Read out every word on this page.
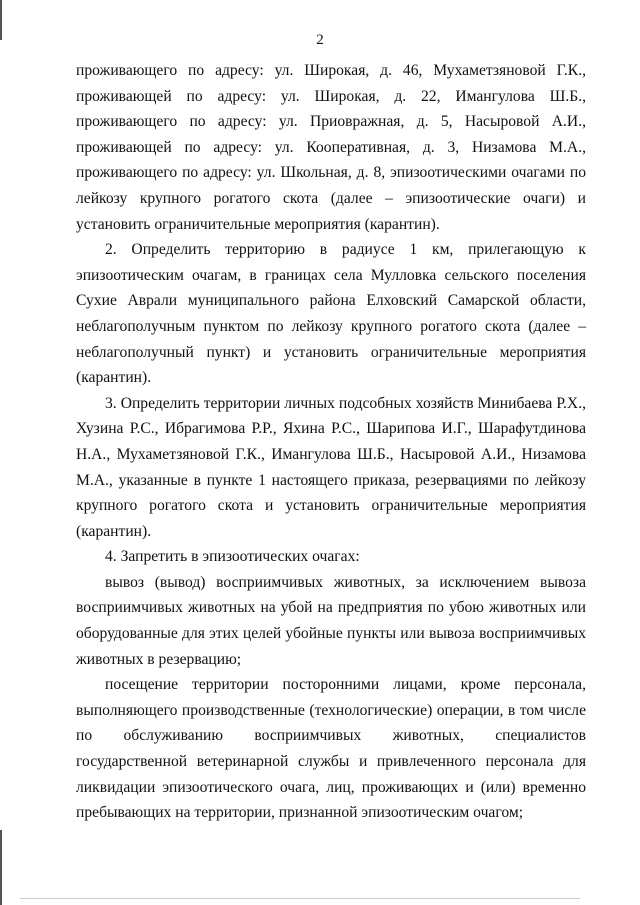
2

проживающего по адресу: ул. Широкая, д. 46, Мухаметзяновой Г.К., проживающей по адресу: ул. Широкая, д. 22, Имангулова Ш.Б., проживающего по адресу: ул. Приовражная, д. 5, Насыровой А.И., проживающей по адресу: ул. Кооперативная, д. 3, Низамова М.А., проживающего по адресу: ул. Школьная, д. 8, эпизоотическими очагами по лейкозу крупного рогатого скота (далее – эпизоотические очаги) и установить ограничительные мероприятия (карантин).

2. Определить территорию в радиусе 1 км, прилегающую к эпизоотическим очагам, в границах села Мулловка сельского поселения Сухие Аврали муниципального района Елховский Самарской области, неблагополучным пунктом по лейкозу крупного рогатого скота (далее – неблагополучный пункт) и установить ограничительные мероприятия (карантин).

3. Определить территории личных подсобных хозяйств Минибаева Р.Х., Хузина Р.С., Ибрагимова Р.Р., Яхина Р.С., Шарипова И.Г., Шарафутдинова Н.А., Мухаметзяновой Г.К., Имангулова Ш.Б., Насыровой А.И., Низамова М.А., указанные в пункте 1 настоящего приказа, резервациями по лейкозу крупного рогатого скота и установить ограничительные мероприятия (карантин).

4. Запретить в эпизоотических очагах:

вывоз (вывод) восприимчивых животных, за исключением вывоза восприимчивых животных на убой на предприятия по убою животных или оборудованные для этих целей убойные пункты или вывоза восприимчивых животных в резервацию;

посещение территории посторонними лицами, кроме персонала, выполняющего производственные (технологические) операции, в том числе по обслуживанию восприимчивых животных, специалистов государственной ветеринарной службы и привлеченного персонала для ликвидации эпизоотического очага, лиц, проживающих и (или) временно пребывающих на территории, признанной эпизоотическим очагом;
